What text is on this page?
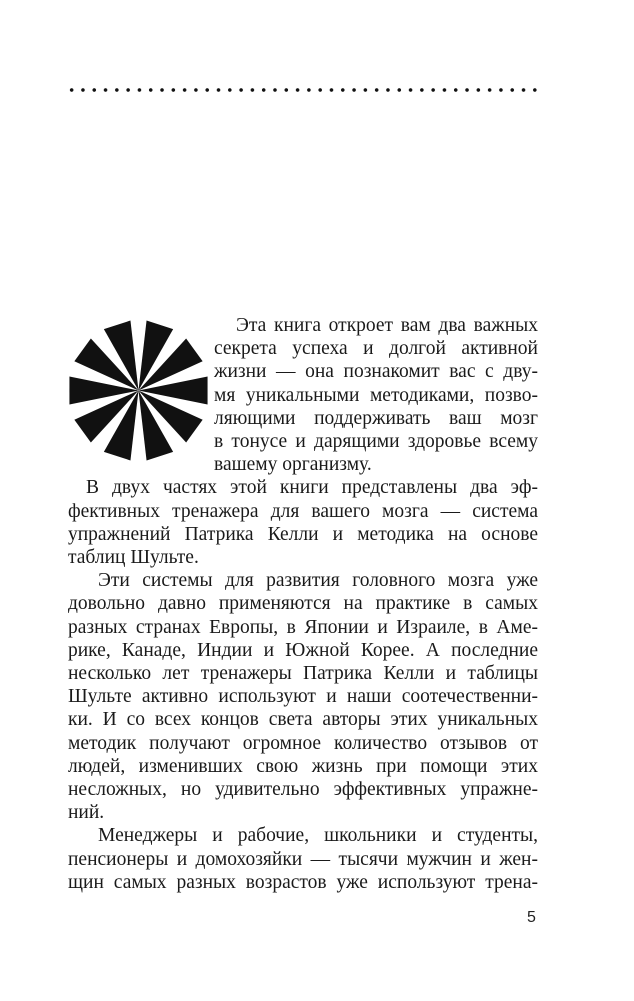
Эта книга откроет вам два важных
секрета успеха и долгой активной
жизни — она познакомит вас с дву-
мя уникальными методиками, позво-
ляющими поддерживать ваш мозг
в тонусе и дарящими здоровье всему
вашему организму.
В двух частях этой книги представлены два эф-
фективных тренажера для вашего мозга — система
упражнений Патрика Келли и методика на основе
таблиц Шульте.
Эти системы для развития головного мозга уже
довольно давно применяются на практике в самых
разных странах Европы, в Японии и Израиле, в Аме-
рике, Канаде, Индии и Южной Корее. А последние
несколько лет тренажеры Патрика Келли и таблицы
Шульте активно используют и наши соотечественни-
ки. И со всех концов света авторы этих уникальных
методик получают огромное количество отзывов от
людей, изменивших свою жизнь при помощи этих
несложных, но удивительно эффективных упражне-
ний.
Менеджеры и рабочие, школьники и студенты,
пенсионеры и домохозяйки — тысячи мужчин и жен-
щин самых разных возрастов уже используют трена-
5
